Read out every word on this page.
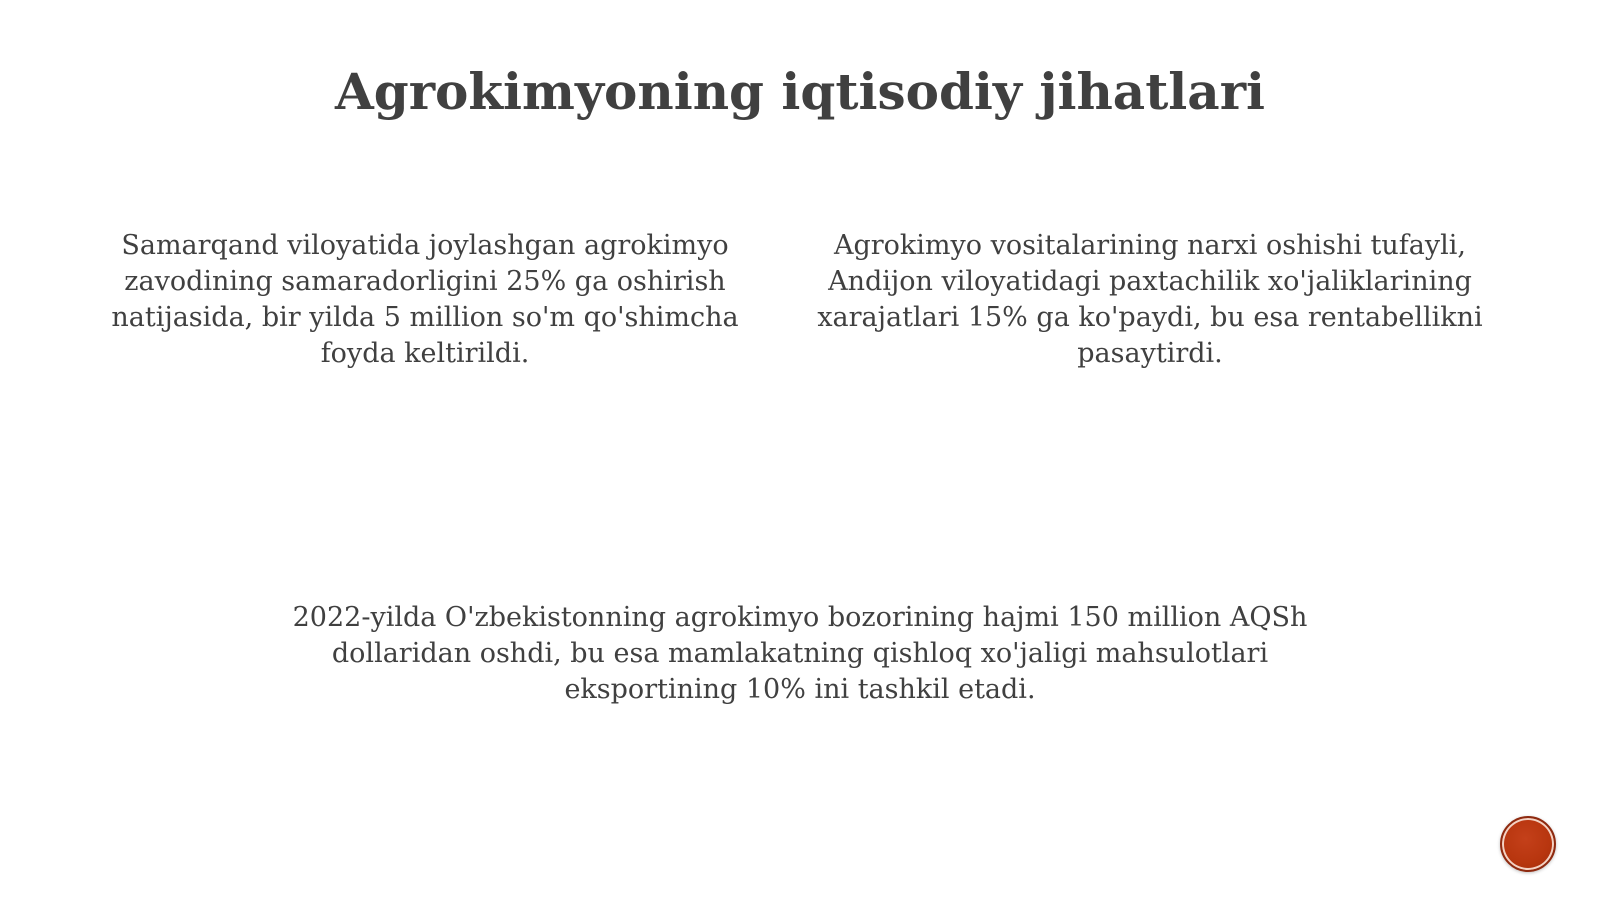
Agrokimyoning iqtisodiy jihatlari

Samarqand viloyatida joylashgan agrokimyo zavodining samaradorligini 25% ga oshirish natijasida, bir yilda 5 million so'm qo'shimcha foyda keltirildi.

Agrokimyo vositalarining narxi oshishi tufayli, Andijon viloyatidagi paxtachilik xo'jaliklarining xarajatlari 15% ga ko'paydi, bu esa rentabellikni pasaytirdi.

2022-yilda O'zbekistonning agrokimyo bozorining hajmi 150 million AQSh dollaridan oshdi, bu esa mamlakatning qishloq xo'jaligi mahsulotlari eksportining 10% ini tashkil etadi.
